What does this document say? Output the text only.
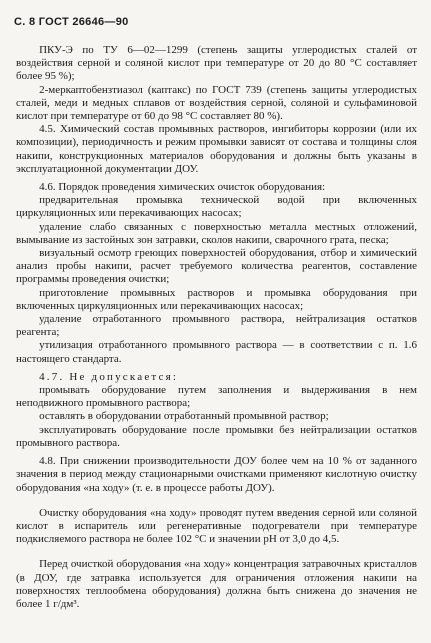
С. 8 ГОСТ 26646—90

ПКУ-Э по ТУ 6—02—1299 (степень защиты углеродистых сталей от воздействия серной и соляной кислот при температуре от 20 до 80 °С составляет более 95 %);

2-меркаптобензтиазол (каптакс) по ГОСТ 739 (степень защиты углеродистых сталей, меди и медных сплавов от воздействия серной, соляной и сульфаминовой кислот при температуре от 60 до 98 °С составляет 80 %).

4.5. Химический состав промывных растворов, ингибиторы коррозии (или их композиции), периодичность и режим промывки зависят от состава и толщины слоя накипи, конструкционных материалов оборудования и должны быть указаны в эксплуатационной документации ДОУ.

4.6. Порядок проведения химических очисток оборудования:

предварительная промывка технической водой при включенных циркуляционных или перекачивающих насосах;

удаление слабо связанных с поверхностью металла местных отложений, вымывание из застойных зон затравки, сколов накипи, сварочного грата, песка;

визуальный осмотр греющих поверхностей оборудования, отбор и химический анализ пробы накипи, расчет требуемого количества реагентов, составление программы проведения очистки;

приготовление промывных растворов и промывка оборудования при включенных циркуляционных или перекачивающих насосах;

удаление отработанного промывного раствора, нейтрализация остатков реагента;

утилизация отработанного промывного раствора — в соответствии с п. 1.6 настоящего стандарта.

4.7. Не допускается:

промывать оборудование путем заполнения и выдерживания в нем неподвижного промывного раствора;

оставлять в оборудовании отработанный промывной раствор;

эксплуатировать оборудование после промывки без нейтрализации остатков промывного раствора.

4.8. При снижении производительности ДОУ более чем на 10 % от заданного значения в период между стационарными очистками применяют кислотную очистку оборудования «на ходу» (т. е. в процессе работы ДОУ).

Очистку оборудования «на ходу» проводят путем введения серной или соляной кислот в испаритель или регенеративные подогреватели при температуре подкисляемого раствора не более 102 °С и значении рН от 3,0 до 4,5.

Перед очисткой оборудования «на ходу» концентрация затравочных кристаллов (в ДОУ, где затравка используется для ограничения отложения накипи на поверхностях теплообмена оборудования) должна быть снижена до значения не более 1 г/дм³.
